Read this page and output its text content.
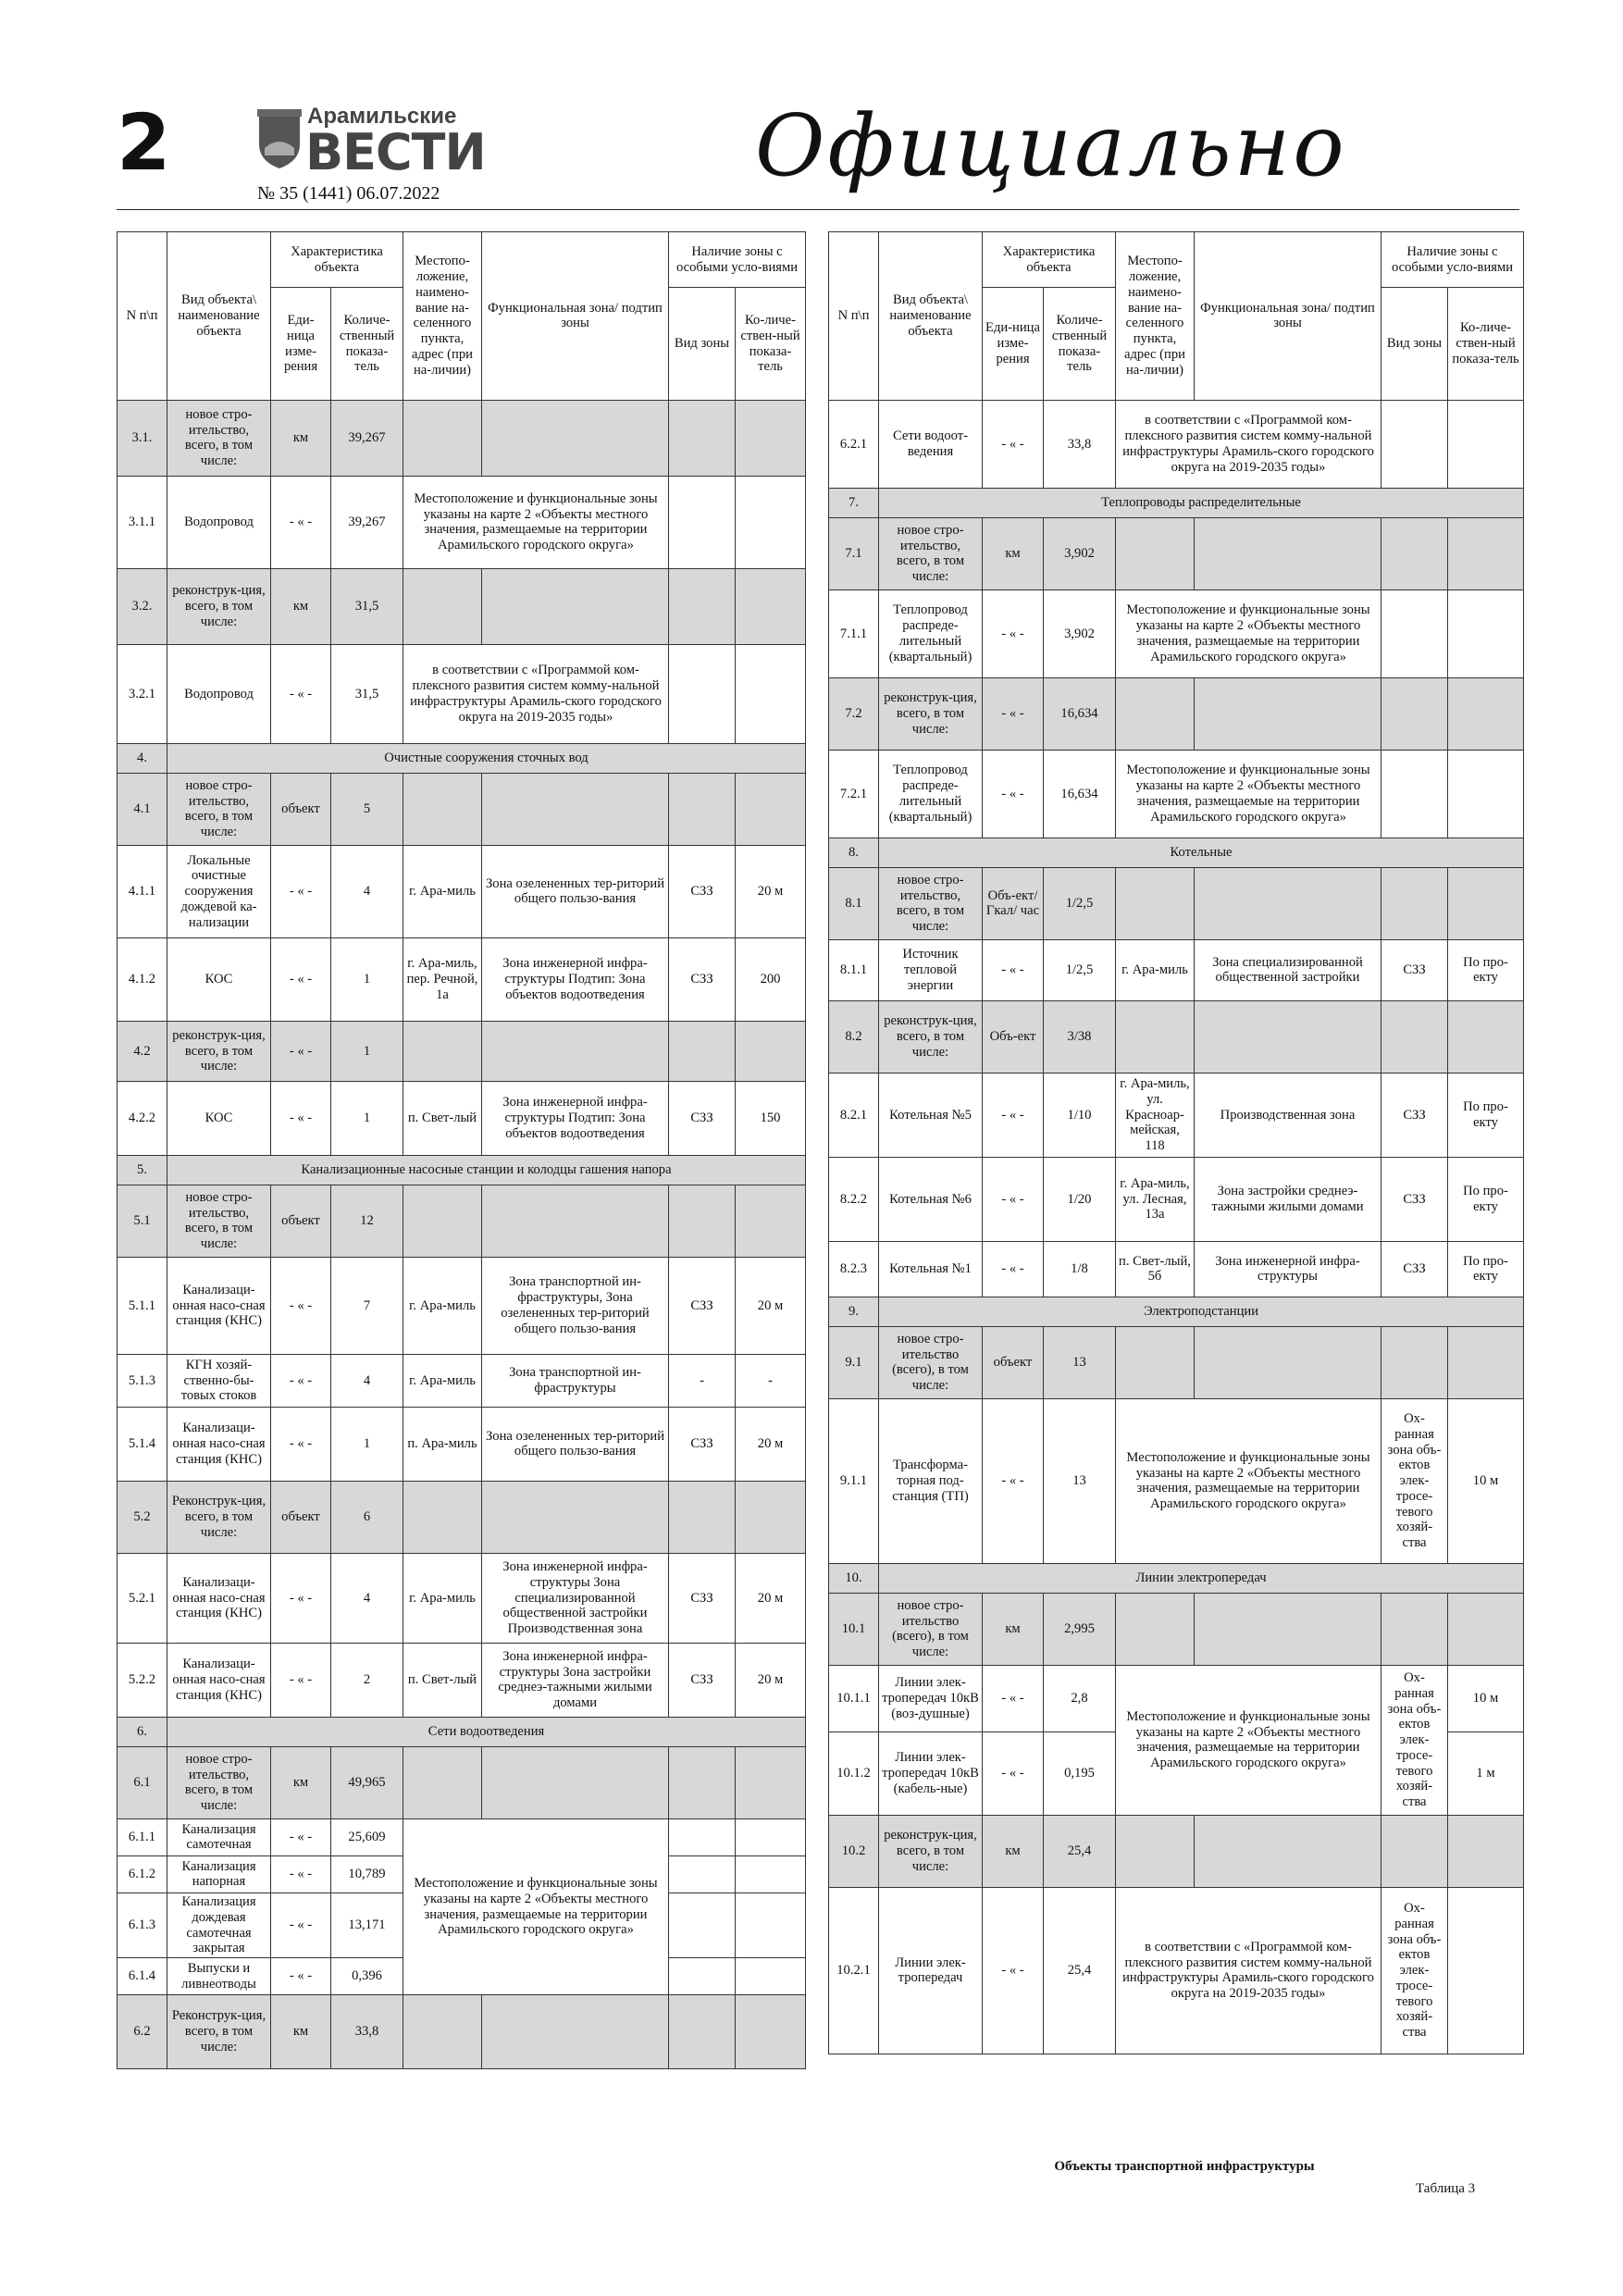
2	Арамильские
ВЕСТИ
№ 35 (1441) 06.07.2022	Официально
N п\п	Вид объекта\ наименование объекта	Характеристика объекта		Местопо-ложение, наимено-вание на-селенного пункта, адрес (при на-личии)	Функциональная зона/ подтип зоны	Наличие зоны с особыми усло-виями	
		Еди-ница изме-рения	Количе-ственный показа-тель			Вид зоны	Ко-личе-ствен-ный показа-тель
3.1.	новое стро-ительство, всего, в том числе:	км	39,267				
3.1.1	Водопровод	- « -	39,267	Местоположение и функциональные зоны указаны на карте 2 «Объекты местного значения, размещаемые на территории Арамильского городского округа»			
3.2.	реконструк-ция, всего, в том числе:	км	31,5				
3.2.1	Водопровод	- « -	31,5	в соответствии с «Программой ком-плексного развития систем комму-нальной инфраструктуры Арамиль-ского городского округа на 2019-2035 годы»			
4.	Очистные сооружения сточных вод						
4.1	новое стро-ительство, всего, в том числе:	объект	5				
4.1.1	Локальные очистные сооружения дождевой ка-нализации	- « -	4	г. Ара-миль	Зона озелененных тер-риторий общего пользо-вания	СЗЗ	20 м
4.1.2	КОС	- « -	1	г. Ара-миль, пер. Речной, 1а	Зона инженерной инфра-структуры Подтип: Зона объектов водоотведения	СЗЗ	200
4.2	реконструк-ция, всего, в том числе:	- « -	1				
4.2.2	КОС	- « -	1	п. Свет-лый	Зона инженерной инфра-структуры Подтип: Зона объектов водоотведения	СЗЗ	150
5.	Канализационные насосные станции и колодцы гашения напора						
5.1	новое стро-ительство, всего, в том числе:	объект	12				
5.1.1	Канализаци-онная насо-сная станция (КНС)	- « -	7	г. Ара-миль	Зона транспортной ин-фраструктуры, Зона озелененных тер-риторий общего пользо-вания	СЗЗ	20 м
5.1.3	КГН хозяй-ственно-бы-товых стоков	- « -	4	г. Ара-миль	Зона транспортной ин-фраструктуры	-	-
5.1.4	Канализаци-онная насо-сная станция (КНС)	- « -	1	п. Ара-миль	Зона озелененных тер-риторий общего пользо-вания	СЗЗ	20 м
5.2	Реконструк-ция, всего, в том числе:	объект	6				
5.2.1	Канализаци-онная насо-сная станция (КНС)	- « -	4	г. Ара-миль	Зона инженерной инфра-структуры Зона специализированной общественной застройки Производственная зона	СЗЗ	20 м
5.2.2	Канализаци-онная насо-сная станция (КНС)	- « -	2	п. Свет-лый	Зона инженерной инфра-структуры Зона застройки среднеэ-тажными жилыми домами	СЗЗ	20 м
6.	Сети водоотведения						
6.1	новое стро-ительство, всего, в том числе:	км	49,965				
6.1.1	Канализация самотечная	- « -	25,609	Местоположение и функциональные зоны указаны на карте 2 «Объекты местного значения, размещаемые на территории Арамильского городского округа»			
6.1.2	Канализация напорная	- « -	10,789				
6.1.3	Канализация дождевая самотечная закрытая	- « -	13,171				
6.1.4	Выпуски и ливнеотводы	- « -	0,396				
6.2	Реконструк-ция, всего, в том числе:	км	33,8				
N п\п	Вид объекта\ наименование объекта	Характеристика объекта		Местопо-ложение, наимено-вание на-селенного пункта, адрес (при на-личии)	Функциональная зона/ подтип зоны	Наличие зоны с особыми усло-виями	
		Еди-ница изме-рения	Количе-ственный показа-тель			Вид зоны	Ко-личе-ствен-ный показа-тель
6.2.1	Сети водоот-ведения	- « -	33,8	в соответствии с «Программой ком-плексного развития систем комму-нальной инфраструктуры Арамиль-ского городского округа на 2019-2035 годы»			
7.	Теплопроводы распределительные						
7.1	новое стро-ительство, всего, в том числе:	км	3,902				
7.1.1	Теплопровод распреде-лительный (квартальный)	- « -	3,902	Местоположение и функциональные зоны указаны на карте 2 «Объекты местного значения, размещаемые на территории Арамильского городского округа»			
7.2	реконструк-ция, всего, в том числе:	- « -	16,634				
7.2.1	Теплопровод распреде-лительный (квартальный)	- « -	16,634	Местоположение и функциональные зоны указаны на карте 2 «Объекты местного значения, размещаемые на территории Арамильского городского округа»			
8.	Котельные						
8.1	новое стро-ительство, всего, в том числе:	Объ-ект/ Гкал/ час	1/2,5				
8.1.1	Источник тепловой энергии	- « -	1/2,5	г. Ара-миль	Зона специализированной общественной застройки	СЗЗ	По про-екту
8.2	реконструк-ция, всего, в том числе:	Объ-ект	3/38				
8.2.1	Котельная №5	- « -	1/10	г. Ара-миль, ул. Красноар-мейская, 118	Производственная зона	СЗЗ	По про-екту
8.2.2	Котельная №6	- « -	1/20	г. Ара-миль, ул. Лесная, 13а	Зона застройки среднеэ-тажными жилыми домами	СЗЗ	По про-екту
8.2.3	Котельная №1	- « -	1/8	п. Свет-лый, 5б	Зона инженерной инфра-структуры	СЗЗ	По про-екту
9.	Электроподстанции						
9.1	новое стро-ительство (всего), в том числе:	объект	13				
9.1.1	Трансформа-торная под-станция (ТП)	- « -	13	Местоположение и функциональные зоны указаны на карте 2 «Объекты местного значения, размещаемые на территории Арамильского городского округа»		Ох-ранная зона объ-ектов элек-тросе-тевого хозяй-ства	10 м
10.	Линии электропередач						
10.1	новое стро-ительство (всего), в том числе:	км	2,995				
10.1.1	Линии элек-тропередач 10кВ (воз-душные)	- « -	2,8	Местоположение и функциональные зоны указаны на карте 2 «Объекты местного значения, размещаемые на территории Арамильского городского округа»		Ох-ранная зона объ-ектов элек-тросе-тевого хозяй-ства	10 м
10.1.2	Линии элек-тропередач 10кВ (кабель-ные)	- « -	0,195				1 м
10.2	реконструк-ция, всего, в том числе:	км	25,4				
10.2.1	Линии элек-тропередач	- « -	25,4	в соответствии с «Программой ком-плексного развития систем комму-нальной инфраструктуры Арамиль-ского городского округа на 2019-2035 годы»		Ох-ранная зона объ-ектов элек-тросе-тевого хозяй-ства	
Объекты транспортной инфраструктуры
Таблица 3
